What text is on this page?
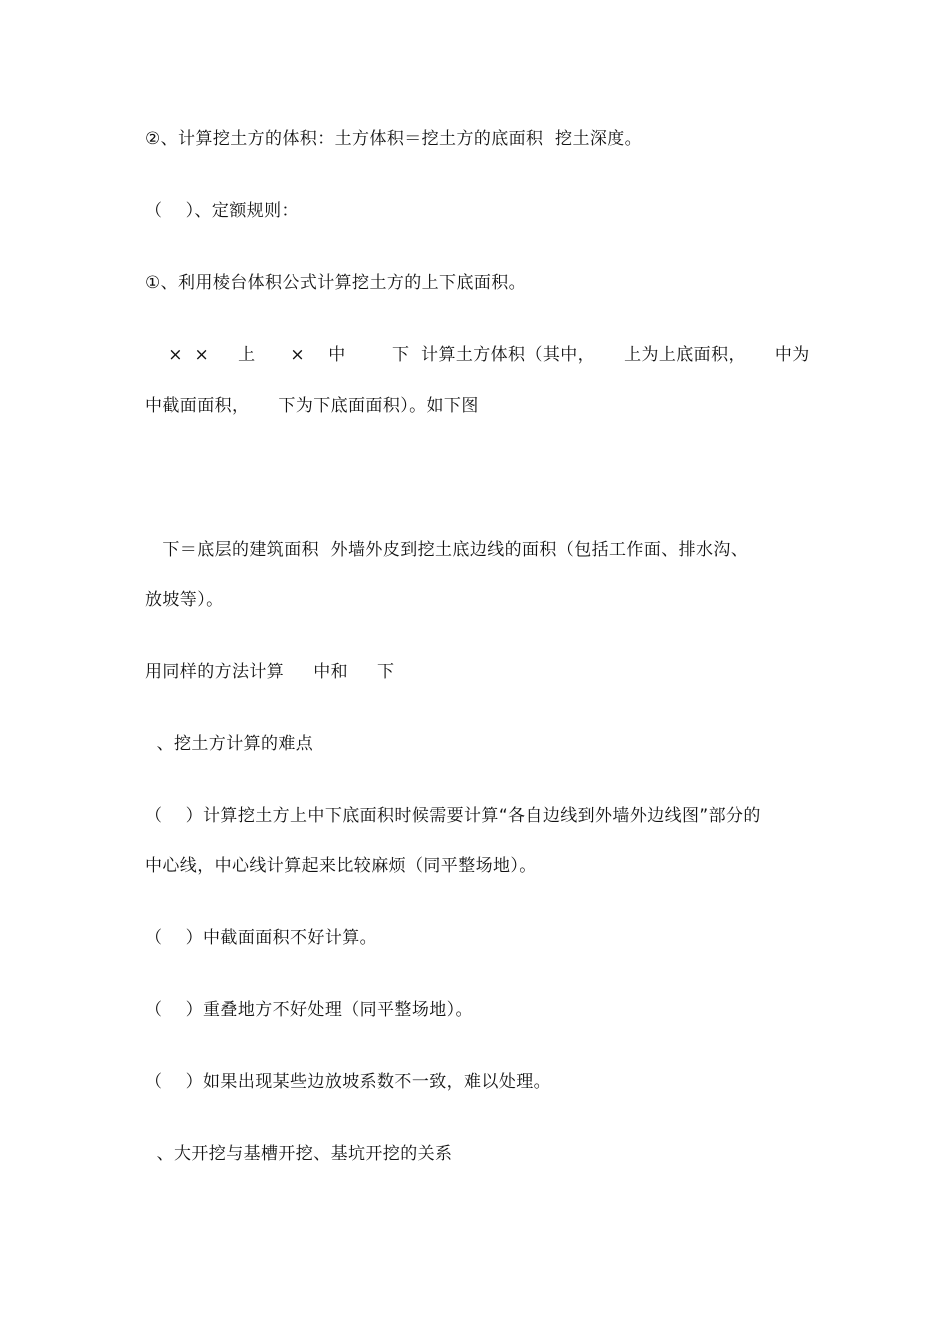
②、计算挖土方的体积：土方体积＝挖土方的底面积  挖土深度。
（    ）、定额规则：
①、利用棱台体积公式计算挖土方的上下底面积。
×  ×     上      ×    中        下  计算土方体积（其中，     上为上底面积，     中为
中截面面积，     下为下底面面积）。如下图
下＝底层的建筑面积  外墙外皮到挖土底边线的面积（包括工作面、排水沟、
放坡等）。
用同样的方法计算     中和     下
、挖土方计算的难点
（    ）计算挖土方上中下底面积时候需要计算“各自边线到外墙外边线图”部分的
中心线，中心线计算起来比较麻烦（同平整场地）。
（    ）中截面面积不好计算。
（    ）重叠地方不好处理（同平整场地）。
（    ）如果出现某些边放坡系数不一致，难以处理。
、大开挖与基槽开挖、基坑开挖的关系
